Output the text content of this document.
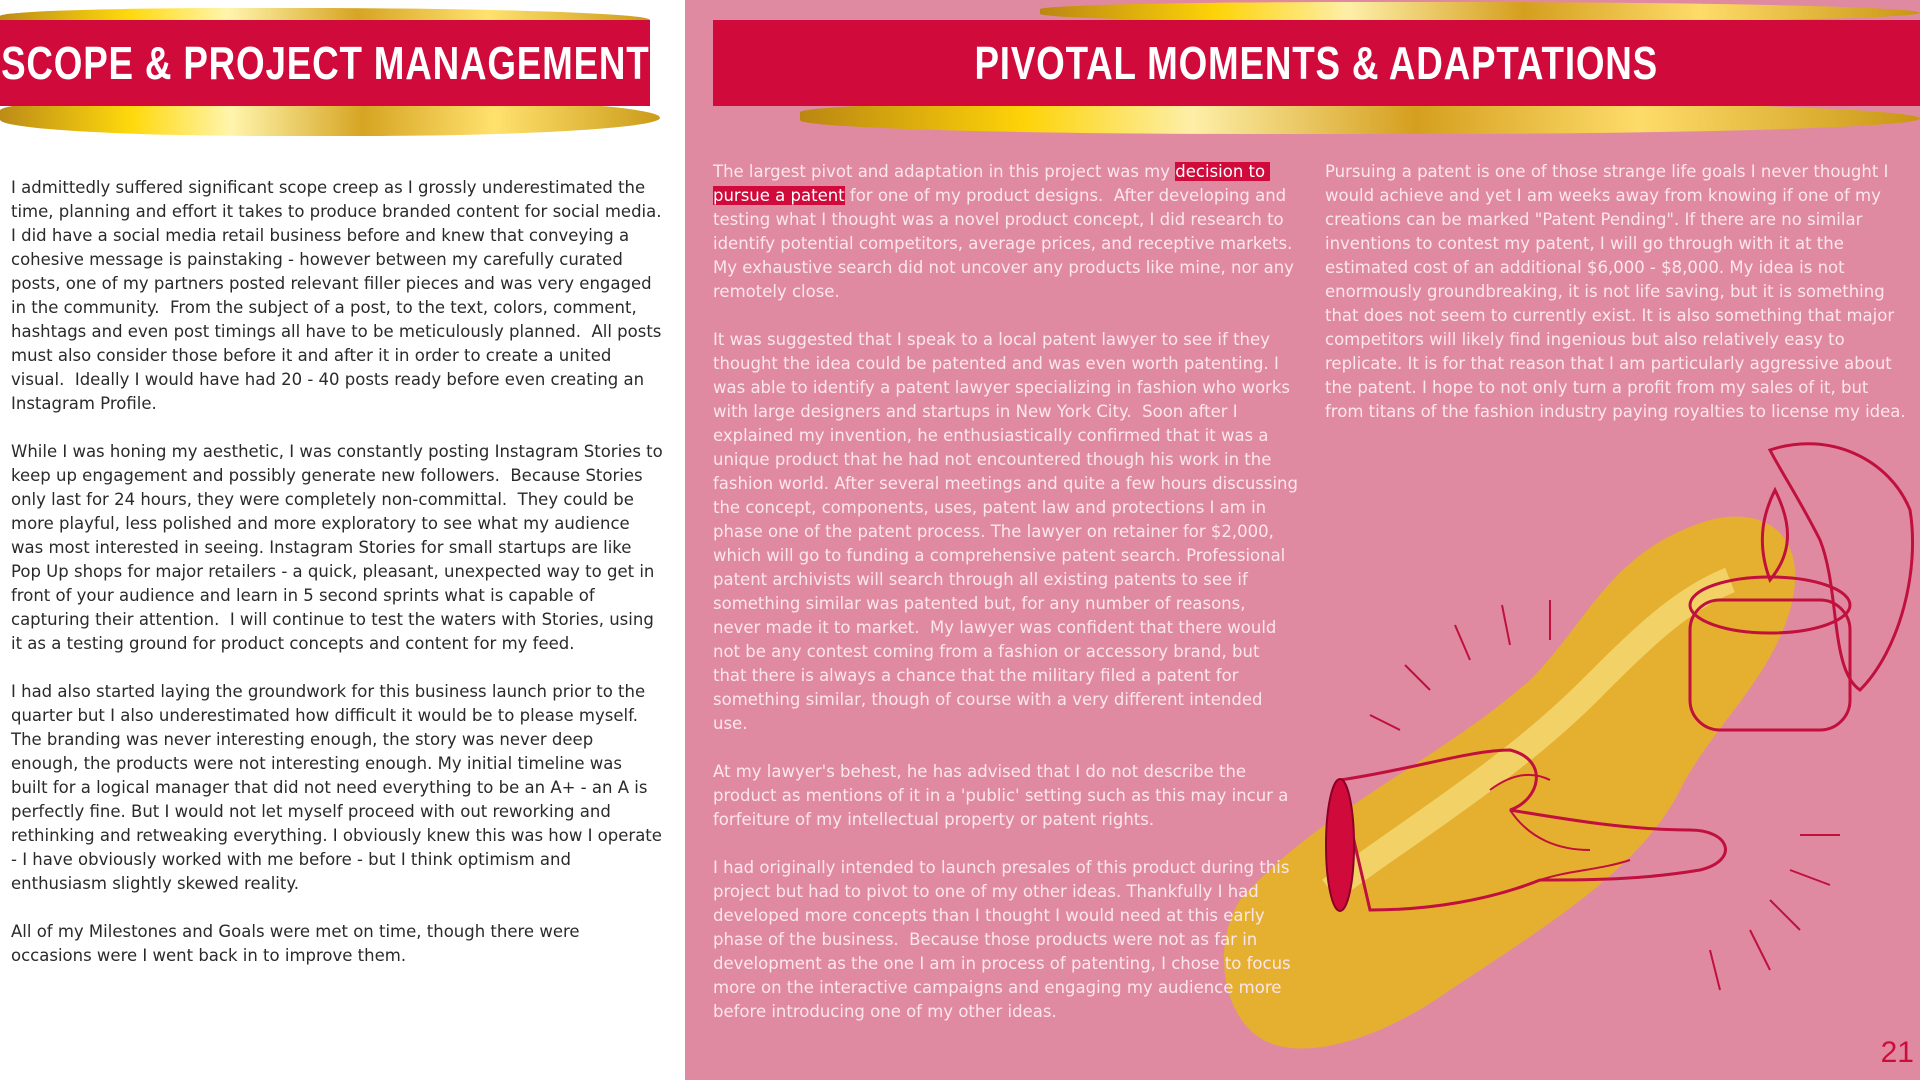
SCOPE & PROJECT MANAGEMENT

I admittedly suffered significant scope creep as I grossly underestimated the time, planning and effort it takes to produce branded content for social media.  I did have a social media retail business before and knew that conveying a cohesive message is painstaking - however between my carefully curated posts, one of my partners posted relevant filler pieces and was very engaged in the community.  From the subject of a post, to the text, colors, comment, hashtags and even post timings all have to be meticulously planned.  All posts must also consider those before it and after it in order to create a united visual.  Ideally I would have had 20 - 40 posts ready before even creating an Instagram Profile.

While I was honing my aesthetic, I was constantly posting Instagram Stories to keep up engagement and possibly generate new followers.  Because Stories only last for 24 hours, they were completely non-committal.  They could be more playful, less polished and more exploratory to see what my audience was most interested in seeing. Instagram Stories for small startups are like Pop Up shops for major retailers - a quick, pleasant, unexpected way to get in front of your audience and learn in 5 second sprints what is capable of capturing their attention.  I will continue to test the waters with Stories, using it as a testing ground for product concepts and content for my feed.

I had also started laying the groundwork for this business launch prior to the quarter but I also underestimated how difficult it would be to please myself.  The branding was never interesting enough, the story was never deep enough, the products were not interesting enough. My initial timeline was built for a logical manager that did not need everything to be an A+ - an A is perfectly fine. But I would not let myself proceed with out reworking and rethinking and retweaking everything. I obviously knew this was how I operate - I have obviously worked with me before - but I think optimism and enthusiasm slightly skewed reality.

All of my Milestones and Goals were met on time, though there were occasions were I went back in to improve them.

PIVOTAL MOMENTS & ADAPTATIONS

The largest pivot and adaptation in this project was my decision to pursue a patent for one of my product designs.  After developing and testing what I thought was a novel product concept, I did research to identify potential competitors, average prices, and receptive markets.  My exhaustive search did not uncover any products like mine, nor any remotely close.

It was suggested that I speak to a local patent lawyer to see if they thought the idea could be patented and was even worth patenting. I was able to identify a patent lawyer specializing in fashion who works with large designers and startups in New York City.  Soon after I explained my invention, he enthusiastically confirmed that it was a unique product that he had not encountered though his work in the fashion world. After several meetings and quite a few hours discussing the concept, components, uses, patent law and protections I am in phase one of the patent process. The lawyer on retainer for $2,000, which will go to funding a comprehensive patent search. Professional patent archivists will search through all existing patents to see if something similar was patented but, for any number of reasons, never made it to market.  My lawyer was confident that there would not be any contest coming from a fashion or accessory brand, but that there is always a chance that the military filed a patent for something similar, though of course with a very different intended use.

At my lawyer's behest, he has advised that I do not describe the product as mentions of it in a 'public' setting such as this may incur a forfeiture of my intellectual property or patent rights.

I had originally intended to launch presales of this product during this project but had to pivot to one of my other ideas. Thankfully I had developed more concepts than I thought I would need at this early phase of the business.  Because those products were not as far in development as the one I am in process of patenting, I chose to focus more on the interactive campaigns and engaging my audience more before introducing one of my other ideas.

Pursuing a patent is one of those strange life goals I never thought I would achieve and yet I am weeks away from knowing if one of my creations can be marked "Patent Pending". If there are no similar inventions to contest my patent, I will go through with it at the estimated cost of an additional $6,000 - $8,000. My idea is not enormously groundbreaking, it is not life saving, but it is something that does not seem to currently exist. It is also something that major competitors will likely find ingenious but also relatively easy to replicate. It is for that reason that I am particularly aggressive about the patent. I hope to not only turn a profit from my sales of it, but from titans of the fashion industry paying royalties to license my idea.

21
